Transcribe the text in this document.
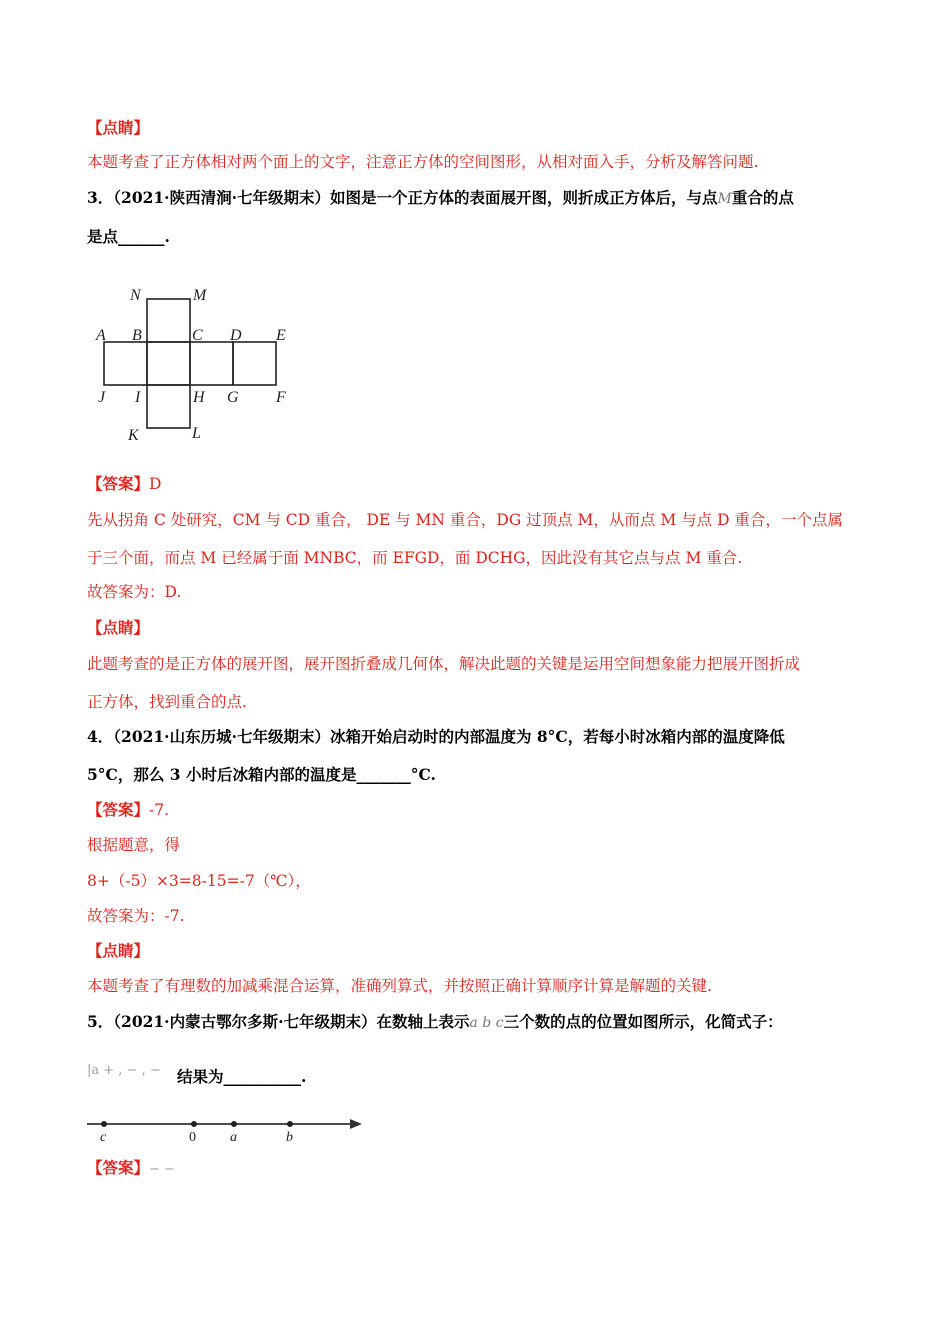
【点睛】
本题考查了正方体相对两个面上的文字，注意正方体的空间图形，从相对面入手，分析及解答问题.
3．（2021·陕西清涧·七年级期末）如图是一个正方体的表面展开图，则折成正方体后，与点M重合的点
是点______.
N	M
A B	C D E
J I	H G F
K	L
【答案】D
先从拐角 C 处研究，CM 与 CD 重合， DE 与 MN 重合，DG 过顶点 M，从而点 M 与点 D 重合，一个点属
于三个面，而点 M 已经属于面 MNBC，而 EFGD，面 DCHG，因此没有其它点与点 M 重合.
故答案为：D.
【点睛】
此题考查的是正方体的展开图，展开图折叠成几何体，解决此题的关键是运用空间想象能力把展开图折成
正方体，找到重合的点.
4．（2021·山东历城·七年级期末）冰箱开始启动时的内部温度为 8°C，若每小时冰箱内部的温度降低
5°C，那么 3 小时后冰箱内部的温度是_______°C.
【答案】-7.
根据题意，得
8+（-5）×3=8-15=-7（℃），
故答案为：-7.
【点睛】
本题考查了有理数的加减乘混合运算，准确列算式，并按照正确计算顺序计算是解题的关键.
5．（2021·内蒙古鄂尔多斯·七年级期末）在数轴上表示a b c三个数的点的位置如图所示，化简式子：
|a + , − , − 结果为__________.
c	0 a	b
【答案】− −
